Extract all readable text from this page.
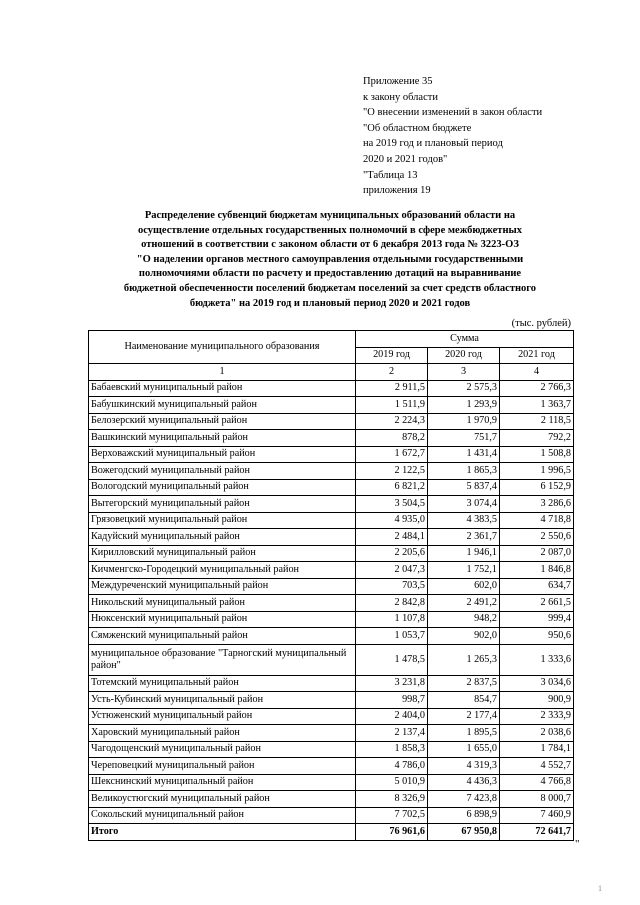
Приложение 35
к закону области
"О внесении изменений в закон области
"Об областном бюджете
на 2019 год и плановый период
2020 и 2021 годов"
"Таблица 13
приложения 19
Распределение субвенций бюджетам муниципальных образований области на
осуществление отдельных государственных полномочий в сфере межбюджетных
отношений в соответствии с законом области от 6 декабря 2013 года № 3223-ОЗ
"О наделении органов местного самоуправления отдельными государственными
полномочиями области по расчету и предоставлению дотаций на выравнивание
бюджетной обеспеченности поселений бюджетам поселений за счет средств областного
бюджета" на 2019 год и плановый период 2020 и 2021 годов
(тыс. рублей)
Наименование муниципального образования	Сумма		
	2019 год	2020 год	2021 год
1	2	3	4
Бабаевский муниципальный район	2 911,5	2 575,3	2 766,3
Бабушкинский муниципальный район	1 511,9	1 293,9	1 363,7
Белозерский муниципальный район	2 224,3	1 970,9	2 118,5
Вашкинский муниципальный район	878,2	751,7	792,2
Верховажский муниципальный район	1 672,7	1 431,4	1 508,8
Вожегодский муниципальный район	2 122,5	1 865,3	1 996,5
Вологодский муниципальный район	6 821,2	5 837,4	6 152,9
Вытегорский муниципальный район	3 504,5	3 074,4	3 286,6
Грязовецкий муниципальный район	4 935,0	4 383,5	4 718,8
Кадуйский муниципальный район	2 484,1	2 361,7	2 550,6
Кирилловский муниципальный район	2 205,6	1 946,1	2 087,0
Кичменгско-Городецкий муниципальный район	2 047,3	1 752,1	1 846,8
Междуреченский муниципальный район	703,5	602,0	634,7
Никольский муниципальный район	2 842,8	2 491,2	2 661,5
Нюксенский муниципальный район	1 107,8	948,2	999,4
Сямженский муниципальный район	1 053,7	902,0	950,6
муниципальное образование "Тарногский муниципальный район"	1 478,5	1 265,3	1 333,6
Тотемский муниципальный район	3 231,8	2 837,5	3 034,6
Усть-Кубинский муниципальный район	998,7	854,7	900,9
Устюженский муниципальный район	2 404,0	2 177,4	2 333,9
Харовский муниципальный район	2 137,4	1 895,5	2 038,6
Чагодощенский муниципальный район	1 858,3	1 655,0	1 784,1
Череповецкий муниципальный район	4 786,0	4 319,3	4 552,7
Шекснинский муниципальный район	5 010,9	4 436,3	4 766,8
Великоустюгский муниципальный район	8 326,9	7 423,8	8 000,7
Сокольский муниципальный район	7 702,5	6 898,9	7 460,9
Итого	76 961,6	67 950,8	72 641,7
"
1
